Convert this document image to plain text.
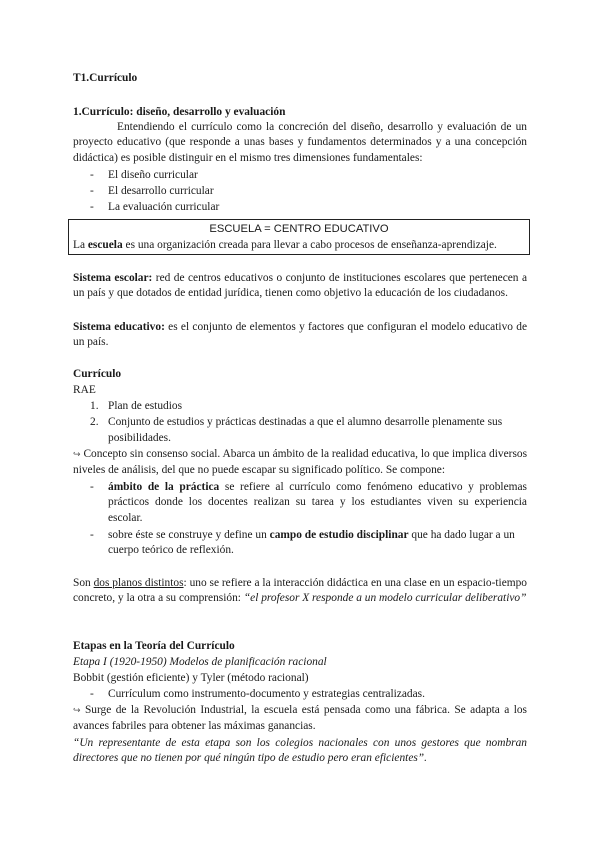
T1.Currículo
1.Currículo: diseño, desarrollo y evaluación
Entendiendo el currículo como la concreción del diseño, desarrollo y evaluación de un proyecto educativo (que responde a unas bases y fundamentos determinados y a una concepción didáctica) es posible distinguir en el mismo tres dimensiones fundamentales:
- El diseño curricular
- El desarrollo curricular
- La evaluación curricular
ESCUELA = CENTRO EDUCATIVO
La escuela es una organización creada para llevar a cabo procesos de enseñanza-aprendizaje.
Sistema escolar: red de centros educativos o conjunto de instituciones escolares que pertenecen a un país y que dotados de entidad jurídica, tienen como objetivo la educación de los ciudadanos.
Sistema educativo: es el conjunto de elementos y factores que configuran el modelo educativo de un país.
Currículo
RAE
1. Plan de estudios
2. Conjunto de estudios y prácticas destinadas a que el alumno desarrolle plenamente sus
posibilidades.
↪ Concepto sin consenso social. Abarca un ámbito de la realidad educativa, lo que implica diversos niveles de análisis, del que no puede escapar su significado político. Se compone:
- ámbito de la práctica se refiere al currículo como fenómeno educativo y problemas prácticos donde los docentes realizan su tarea y los estudiantes viven su experiencia escolar.
- sobre éste se construye y define un campo de estudio disciplinar que ha dado lugar a un cuerpo teórico de reflexión.
Son dos planos distintos: uno se refiere a la interacción didáctica en una clase en un espacio-tiempo concreto, y la otra a su comprensión: “el profesor X responde a un modelo curricular deliberativo”
Etapas en la Teoría del Currículo
Etapa I (1920-1950) Modelos de planificación racional
Bobbit (gestión eficiente) y Tyler (método racional)
- Currículum como instrumento-documento y estrategias centralizadas.
↪ Surge de la Revolución Industrial, la escuela está pensada como una fábrica. Se adapta a los avances fabriles para obtener las máximas ganancias.
“Un representante de esta etapa son los colegios nacionales con unos gestores que nombran directores que no tienen por qué ningún tipo de estudio pero eran eficientes”.
